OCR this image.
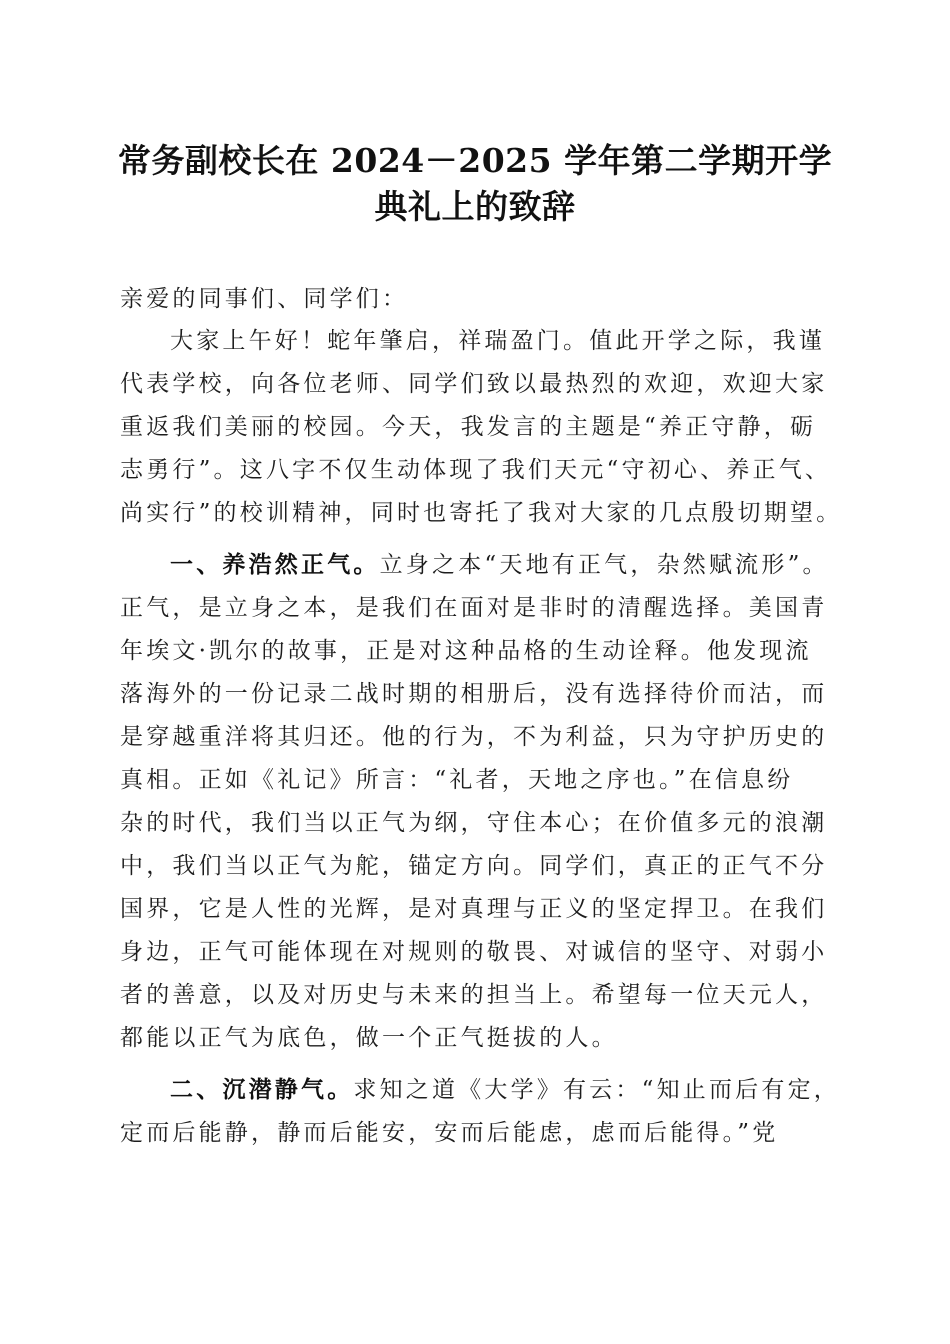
常务副校长在 2024－2025 学年第二学期开学
典礼上的致辞
亲爱的同事们、同学们：
大家上午好！蛇年肇启，祥瑞盈门。值此开学之际，我谨
代表学校，向各位老师、同学们致以最热烈的欢迎，欢迎大家
重返我们美丽的校园。今天，我发言的主题是“养正守静，砺
志勇行”。这八字不仅生动体现了我们天元“守初心、养正气、
尚实行”的校训精神，同时也寄托了我对大家的几点殷切期望。
一、养浩然正气。立身之本“天地有正气，杂然赋流形”。
正气，是立身之本，是我们在面对是非时的清醒选择。美国青
年埃文·凯尔的故事，正是对这种品格的生动诠释。他发现流
落海外的一份记录二战时期的相册后，没有选择待价而沽，而
是穿越重洋将其归还。他的行为，不为利益，只为守护历史的
真相。正如《礼记》所言：“礼者，天地之序也。”在信息纷
杂的时代，我们当以正气为纲，守住本心；在价值多元的浪潮
中，我们当以正气为舵，锚定方向。同学们，真正的正气不分
国界，它是人性的光辉，是对真理与正义的坚定捍卫。在我们
身边，正气可能体现在对规则的敬畏、对诚信的坚守、对弱小
者的善意，以及对历史与未来的担当上。希望每一位天元人，
都能以正气为底色，做一个正气挺拔的人。
二、沉潜静气。求知之道《大学》有云：“知止而后有定，
定而后能静，静而后能安，安而后能虑，虑而后能得。”党
